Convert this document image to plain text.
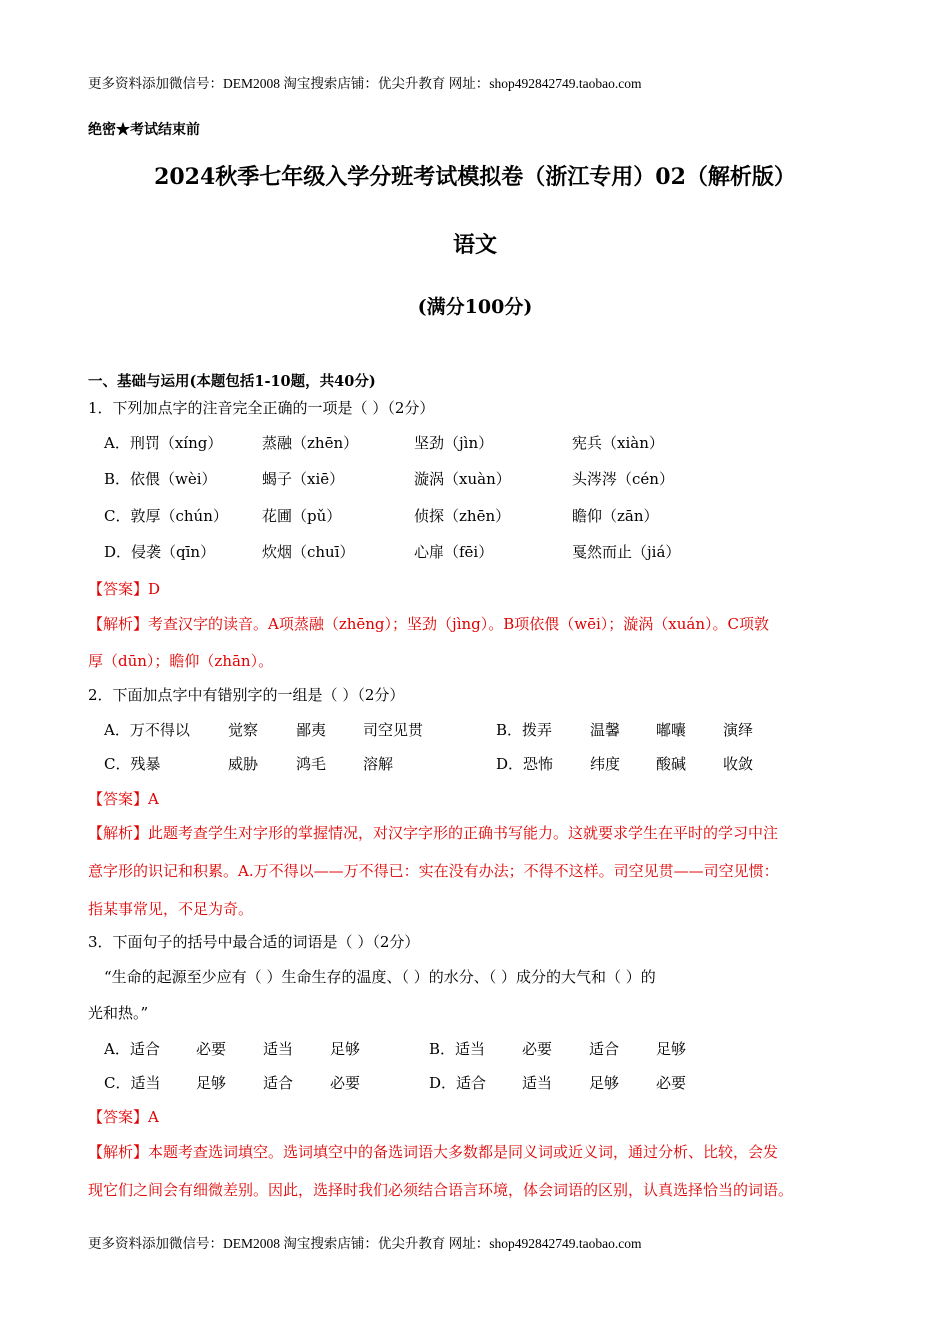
更多资料添加微信号：DEM2008 淘宝搜索店铺：优尖升教育 网址：shop492842749.taobao.com
绝密★考试结束前
2024秋季七年级入学分班考试模拟卷（浙江专用）02（解析版）
语文
(满分100分)
一、基础与运用(本题包括1-10题，共40分)
1．下列加点字的注音完全正确的一项是（ ）（2分）
A．刑罚（xíng）	蒸融（zhēn）	坚劲（jìn）	宪兵（xiàn）
B．依偎（wèi）	蝎子（xiē）	漩涡（xuàn）	头涔涔（cén）
C．敦厚（chún） 花圃（pǔ）	侦探（zhēn）	瞻仰（zān）
D．侵袭（qīn）	炊烟（chuī）	心扉（fēi）	戛然而止（jiá）
【答案】D
【解析】考查汉字的读音。A项蒸融（zhēng）；坚劲（jìng）。B项依偎（wēi）；漩涡（xuán）。C项敦
厚（dūn）；瞻仰（zhān）。
2．下面加点字中有错别字的一组是（ ）（2分）
A．万不得以	觉察	鄙夷 司空见贯	B．拨弄	温馨 嘟囔 演绎
C．残暴	威胁	鸿毛 溶解	D．恐怖 纬度 酸碱 收敛
【答案】A
【解析】此题考查学生对字形的掌握情况，对汉字字形的正确书写能力。这就要求学生在平时的学习中注
意字形的识记和积累。A.万不得以——万不得已：实在没有办法；不得不这样。司空见贯——司空见惯：
指某事常见，不足为奇。
3．下面句子的括号中最合适的词语是（ ）（2分）
“生命的起源至少应有（ ）生命生存的温度、（ ）的水分、（ ）成分的大气和（ ）的
光和热。”
A．适合 必要 适当 足够	B．适当 必要 适合 足够
C．适当 足够 适合 必要	D．适合 适当 足够 必要
【答案】A
【解析】本题考查选词填空。选词填空中的备选词语大多数都是同义词或近义词，通过分析、比较，会发
现它们之间会有细微差别。因此，选择时我们必须结合语言环境，体会词语的区别，认真选择恰当的词语。
更多资料添加微信号：DEM2008 淘宝搜索店铺：优尖升教育 网址：shop492842749.taobao.com
